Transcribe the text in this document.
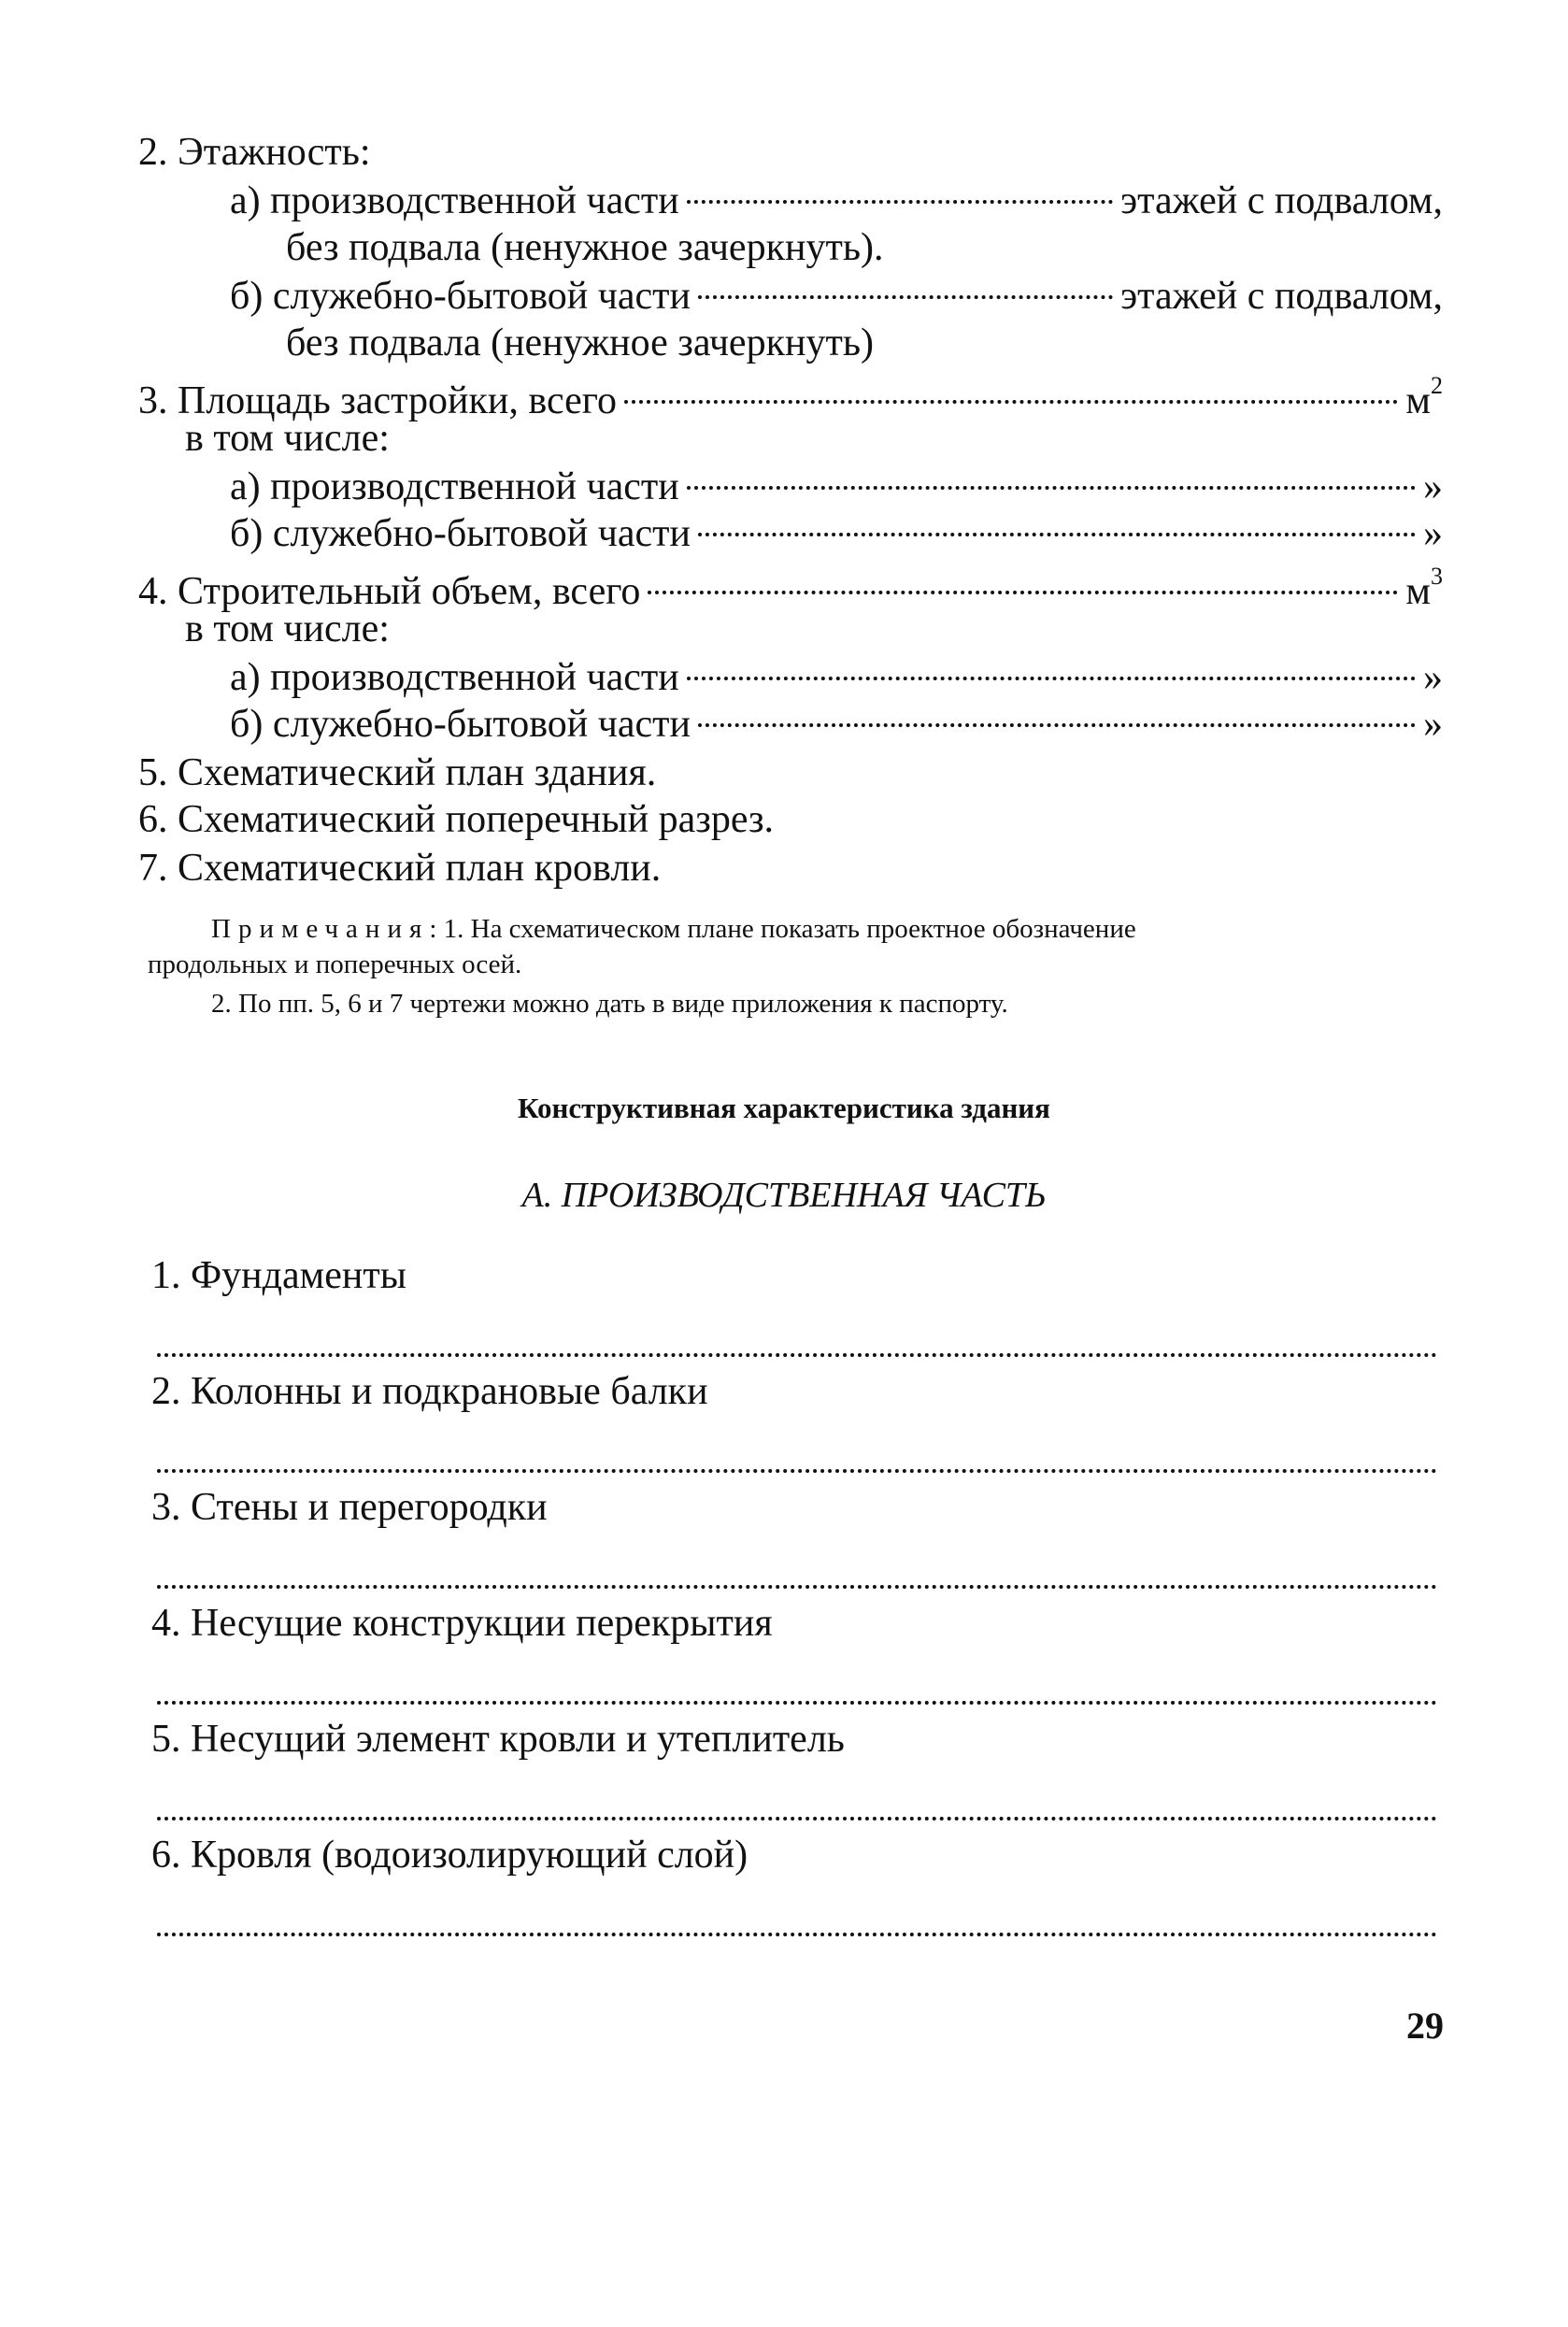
2. Этажность:
а) производственной части	этажей с подвалом,
без подвала (ненужное зачеркнуть).
б) служебно-бытовой части	этажей с подвалом,
без подвала (ненужное зачеркнуть)
3. Площадь застройки, всего	$м^2$
в том числе:
а) производственной части	»
б) служебно-бытовой части	»
4. Строительный объем, всего	$м^3$
в том числе:
а) производственной части	»
б) служебно-бытовой части	»
5. Схематический план здания.
6. Схематический поперечный разрез.
7. Схематический план кровли.
Примечания: 1. На схематическом плане показать проектное обозначение
продольных и поперечных осей.
2. По пп. 5, 6 и 7 чертежи можно дать в виде приложения к паспорту.
Конструктивная характеристика здания
А. ПРОИЗВОДСТВЕННАЯ ЧАСТЬ
1. Фундаменты
2. Колонны и подкрановые балки
3. Стены и перегородки
4. Несущие конструкции перекрытия
5. Несущий элемент кровли и утеплитель
6. Кровля (водоизолирующий слой)
29
